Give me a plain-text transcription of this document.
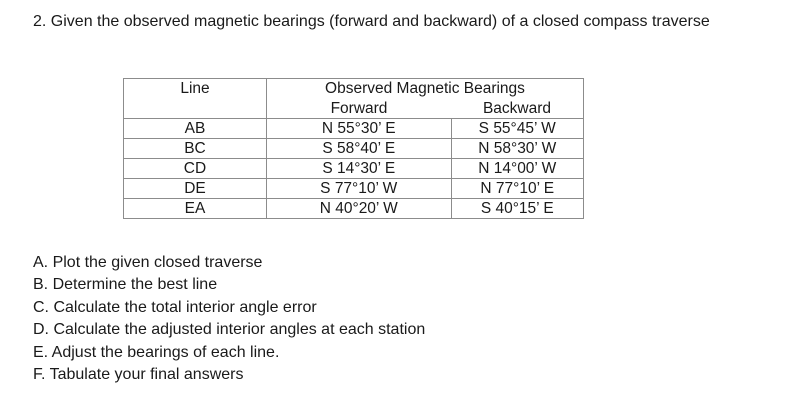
2. Given the observed magnetic bearings (forward and backward) of a closed compass traverse
Line	Observed Magnetic Bearings	
	Forward	Backward
AB	N 55°30’ E	S 55°45’ W
BC	S 58°40’ E	N 58°30’ W
CD	S 14°30’ E	N 14°00’ W
DE	S 77°10’ W	N 77°10’ E
EA	N 40°20’ W	S 40°15’ E
A. Plot the given closed traverse
B. Determine the best line
C. Calculate the total interior angle error
D. Calculate the adjusted interior angles at each station
E. Adjust the bearings of each line.
F. Tabulate your final answers
